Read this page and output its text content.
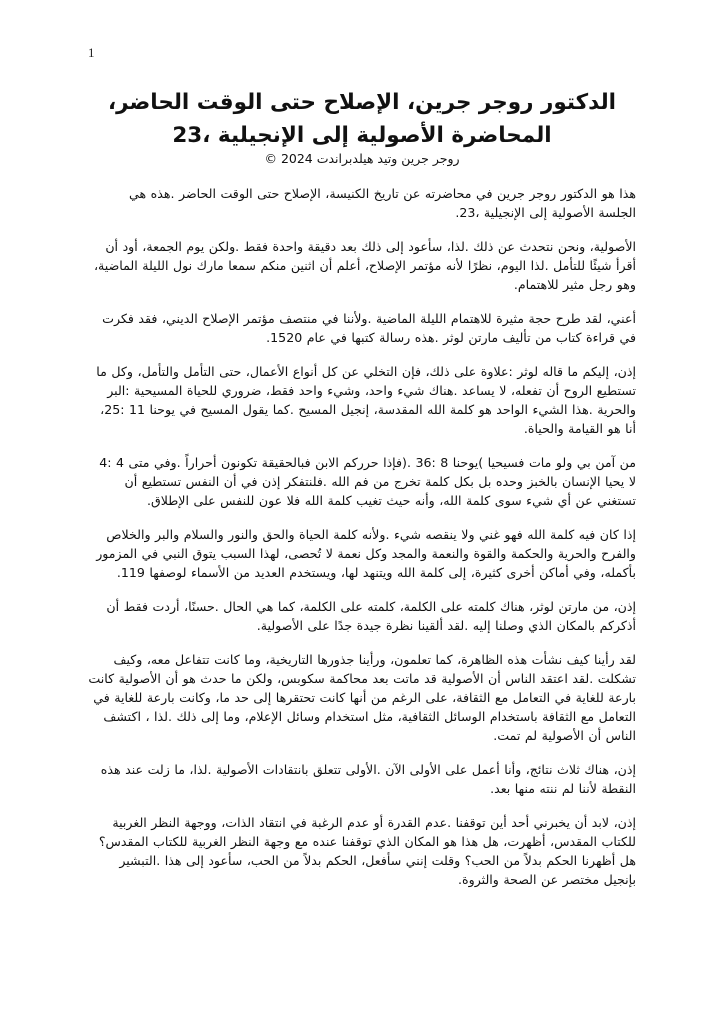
1
الدكتور روجر جرين، الإصلاح حتى الوقت الحاضر، المحاضرة الأصولية إلى الإنجيلية ،23

روجر جرين وتيد هيلدبراندت 2024 ©

هذا هو الدكتور روجر جرين في محاضرته عن تاريخ الكنيسة، الإصلاح حتى الوقت الحاضر .هذه هي الجلسة الأصولية إلى الإنجيلية ،23.

الأصولية، ونحن نتحدث عن ذلك .لذا، سأعود إلى ذلك بعد دقيقة واحدة فقط .ولكن يوم الجمعة، أود أن أقرأ شيئًا للتأمل .لذا اليوم، نظرًا لأنه مؤتمر الإصلاح، أعلم أن اثنين منكم سمعا مارك نول الليلة الماضية، وهو رجل مثير للاهتمام.

أعني، لقد طرح حجة مثيرة للاهتمام الليلة الماضية .ولأننا في منتصف مؤتمر الإصلاح الديني، فقد فكرت في قراءة كتاب من تأليف مارتن لوثر .هذه رسالة كتبها في عام 1520.

إذن، إليكم ما قاله لوثر :علاوة على ذلك، فإن التخلي عن كل أنواع الأعمال، حتى التأمل والتأمل، وكل ما تستطيع الروح أن تفعله، لا يساعد .هناك شيء واحد، وشيء واحد فقط، ضروري للحياة المسيحية :البر والحرية .هذا الشيء الواحد هو كلمة الله المقدسة، إنجيل المسيح .كما يقول المسيح في يوحنا 11 :25، أنا هو القيامة والحياة.

من آمن بي ولو مات فسيحيا )يوحنا 8 :36 .(فإذا حرركم الابن فبالحقيقة تكونون أحراراً .وفي متى 4 :4 لا يحيا الإنسان بالخبز وحده بل بكل كلمة تخرج من فم الله .فلنتفكر إذن في أن النفس تستطيع أن تستغني عن أي شيء سوى كلمة الله، وأنه حيث تغيب كلمة الله فلا عون للنفس على الإطلاق.

إذا كان فيه كلمة الله فهو غني ولا ينقصه شيء .ولأنه كلمة الحياة والحق والنور والسلام والبر والخلاص والفرح والحرية والحكمة والقوة والنعمة والمجد وكل نعمة لا تُحصى، لهذا السبب يتوق النبي في المزمور بأكمله، وفي أماكن أخرى كثيرة، إلى كلمة الله ويتنهد لها، ويستخدم العديد من الأسماء لوصفها 119.

إذن، من مارتن لوثر، هناك كلمته على الكلمة، كلمته على الكلمة، كما هي الحال .حسنًا، أردت فقط أن أذكركم بالمكان الذي وصلنا إليه .لقد ألقينا نظرة جيدة جدًا على الأصولية.

لقد رأينا كيف نشأت هذه الظاهرة، كما تعلمون، ورأينا جذورها التاريخية، وما كانت تتفاعل معه، وكيف تشكلت .لقد اعتقد الناس أن الأصولية قد ماتت بعد محاكمة سكوبس، ولكن ما حدث هو أن الأصولية كانت بارعة للغاية في التعامل مع الثقافة، على الرغم من أنها كانت تحتقرها إلى حد ما، وكانت بارعة للغاية في التعامل مع الثقافة باستخدام الوسائل الثقافية، مثل استخدام وسائل الإعلام، وما إلى ذلك .لذا ، اكتشف الناس أن الأصولية لم تمت.

إذن، هناك ثلاث نتائج، وأنا أعمل على الأولى الآن .الأولى تتعلق بانتقادات الأصولية .لذا، ما زلت عند هذه النقطة لأننا لم ننته منها بعد.

إذن، لابد أن يخبرني أحد أين توقفنا .عدم القدرة أو عدم الرغبة في انتقاد الذات، ووجهة النظر الغربية للكتاب المقدس، أظهرت، هل هذا هو المكان الذي توقفنا عنده مع وجهة النظر الغربية للكتاب المقدس؟ هل أظهرنا الحكم بدلاً من الحب؟ وقلت إنني سأفعل، الحكم بدلاً من الحب، سأعود إلى هذا .التبشير بإنجيل مختصر عن الصحة والثروة.
